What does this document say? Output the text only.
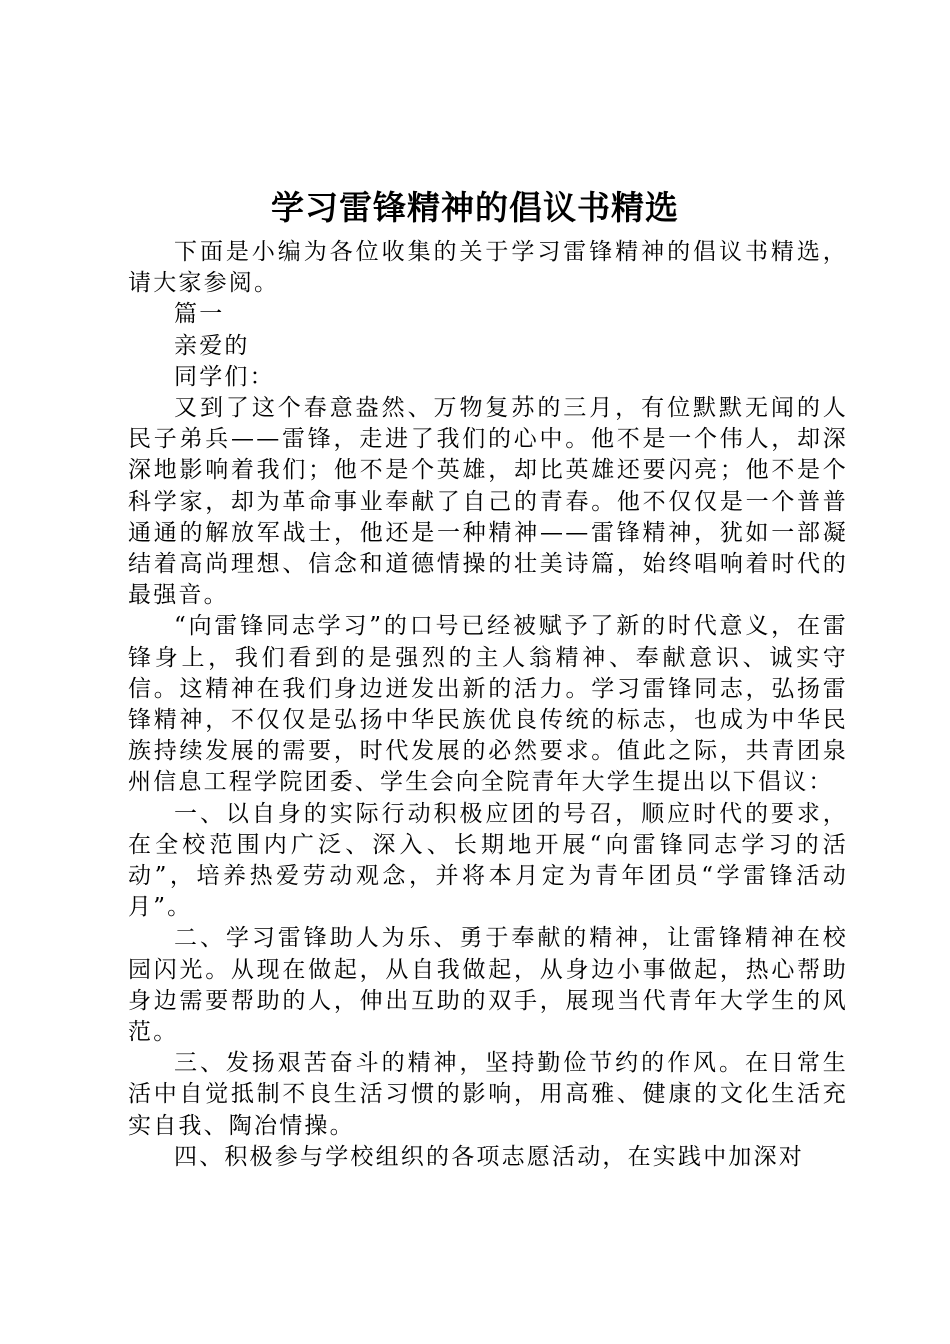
学习雷锋精神的倡议书精选

下面是小编为各位收集的关于学习雷锋精神的倡议书精选，请大家参阅。

篇一

亲爱的

同学们：

又到了这个春意盎然、万物复苏的三月，有位默默无闻的人民子弟兵——雷锋，走进了我们的心中。他不是一个伟人，却深深地影响着我们；他不是个英雄，却比英雄还要闪亮；他不是个科学家，却为革命事业奉献了自己的青春。他不仅仅是一个普普通通的解放军战士，他还是一种精神——雷锋精神，犹如一部凝结着高尚理想、信念和道德情操的壮美诗篇，始终唱响着时代的最强音。

“向雷锋同志学习”的口号已经被赋予了新的时代意义，在雷锋身上，我们看到的是强烈的主人翁精神、奉献意识、诚实守信。这精神在我们身边迸发出新的活力。学习雷锋同志，弘扬雷锋精神，不仅仅是弘扬中华民族优良传统的标志，也成为中华民族持续发展的需要，时代发展的必然要求。值此之际，共青团泉州信息工程学院团委、学生会向全院青年大学生提出以下倡议：

一、以自身的实际行动积极应团的号召，顺应时代的要求，在全校范围内广泛、深入、长期地开展“向雷锋同志学习的活动”，培养热爱劳动观念，并将本月定为青年团员“学雷锋活动月”。

二、学习雷锋助人为乐、勇于奉献的精神，让雷锋精神在校园闪光。从现在做起，从自我做起，从身边小事做起，热心帮助身边需要帮助的人，伸出互助的双手，展现当代青年大学生的风范。

三、发扬艰苦奋斗的精神，坚持勤俭节约的作风。在日常生活中自觉抵制不良生活习惯的影响，用高雅、健康的文化生活充实自我、陶冶情操。

四、积极参与学校组织的各项志愿活动，在实践中加深对
